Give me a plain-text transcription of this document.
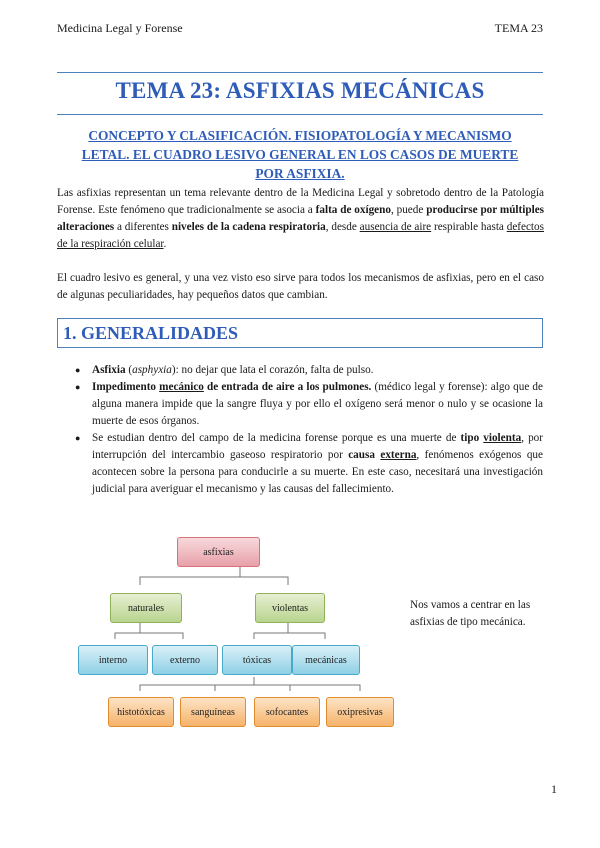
Medicina Legal y Forense	TEMA 23
TEMA 23: ASFIXIAS MECÁNICAS
CONCEPTO Y CLASIFICACIÓN. FISIOPATOLOGÍA Y MECANISMO LETAL. EL CUADRO LESIVO GENERAL EN LOS CASOS DE MUERTE POR ASFIXIA.

Las asfixias representan un tema relevante dentro de la Medicina Legal y sobretodo dentro de la Patología Forense. Este fenómeno que tradicionalmente se asocia a falta de oxígeno, puede producirse por múltiples alteraciones a diferentes niveles de la cadena respiratoria, desde ausencia de aire respirable hasta defectos de la respiración celular.

El cuadro lesivo es general, y una vez visto eso sirve para todos los mecanismos de asfixias, pero en el caso de algunas peculiaridades, hay pequeños datos que cambian.

1. GENERALIDADES
● Asfixia (asphyxia): no dejar que lata el corazón, falta de pulso.
● Impedimento mecánico de entrada de aire a los pulmones. (médico legal y forense): algo que de alguna manera impide que la sangre fluya y por ello el oxígeno será menor o nulo y se ocasione la muerte de esos órganos.
● Se estudian dentro del campo de la medicina forense porque es una muerte de tipo violenta, por interrupción del intercambio gaseoso respiratorio por causa externa, fenómenos exógenos que acontecen sobre la persona para conducirle a su muerte. En este caso, necesitará una investigación judicial para averiguar el mecanismo y las causas del fallecimiento.
asfixias
naturales	violentas
interno	externo	tóxicas	mecánicas
histotóxicas	sanguíneas	sofocantes	oxipresivas
Nos vamos a centrar en las asfixias de tipo mecánica.
1
